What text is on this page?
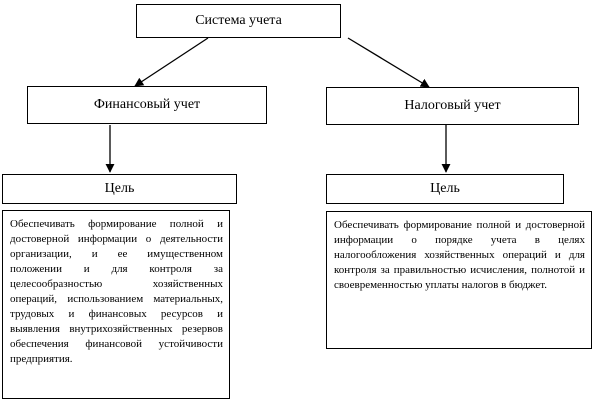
Система учета
Финансовый учет	Налоговый учет
Цель	Цель
Обеспечивать формирование полной и достоверной информации о деятельности организации, и ее имущественном положении и для контроля за целесообразностью хозяйственных операций, использованием материальных, трудовых и финансовых ресурсов и выявления внутрихозяйственных резервов обеспечения финансовой устойчивости предприятия.
Обеспечивать формирование полной и достоверной информации о порядке учета в целях налогообложения хозяйственных операций и для контроля за правильностью исчисления, полнотой и своевременностью уплаты налогов в бюджет.
